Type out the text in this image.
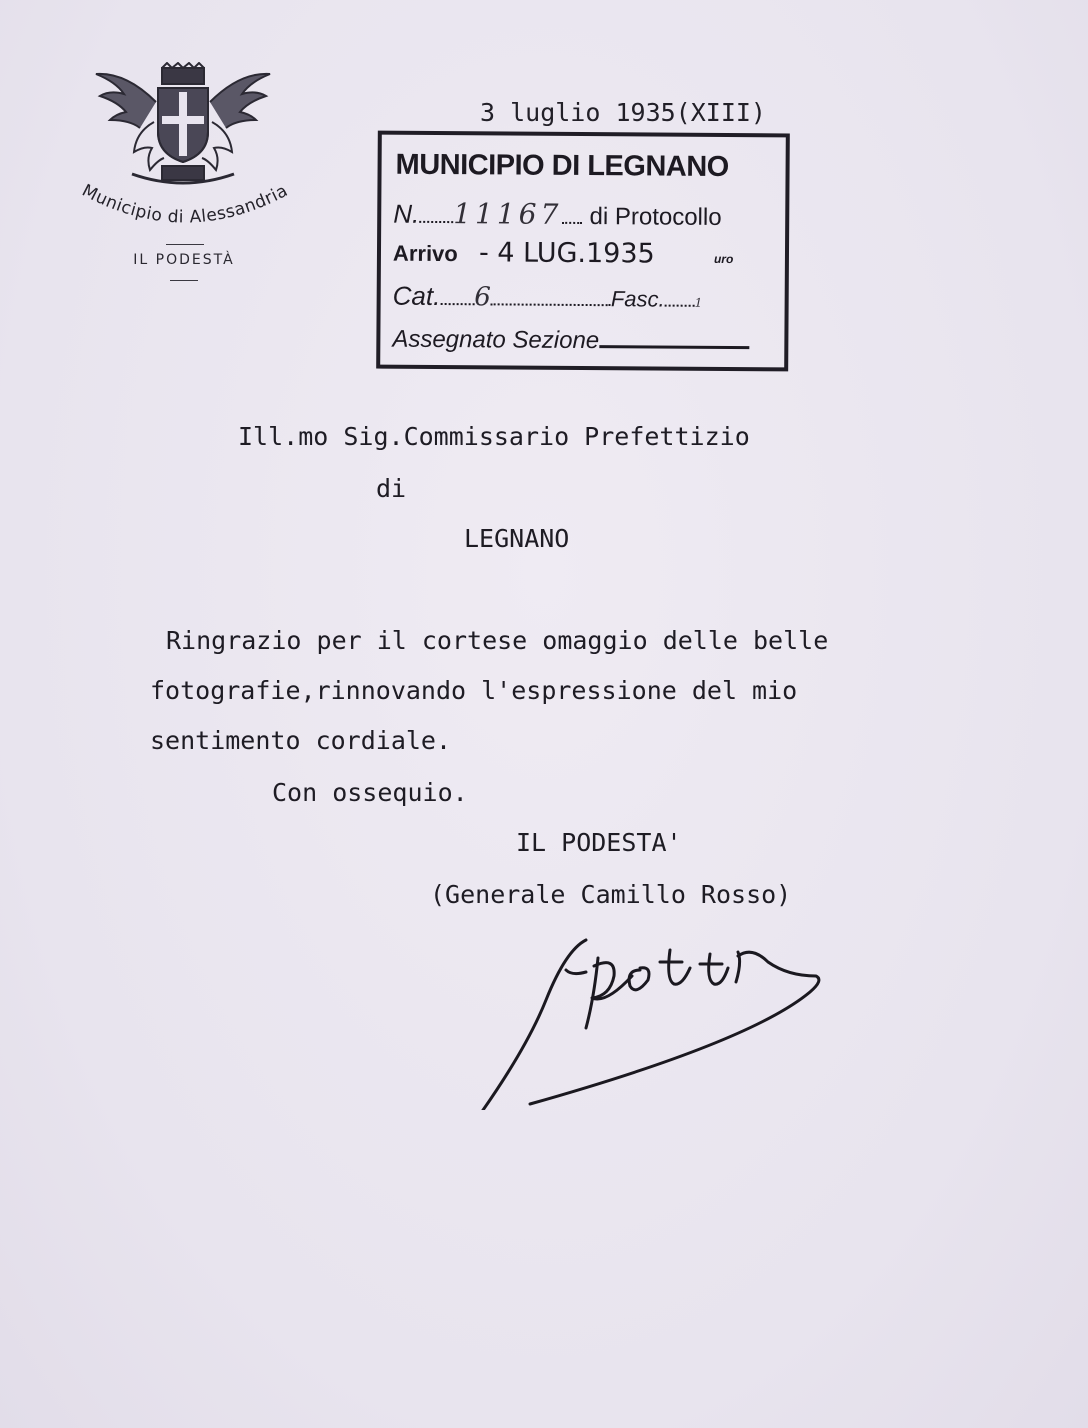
Municipio di Alessandria
IL PODESTÀ
3 luglio 1935(XIII)
MUNICIPIO DI LEGNANO
N. 11167 di Protocollo
Arrivo - 4 LUG.1935	uro
Cat. 6	Fasc. 1
Assegnato Sezione
Ill.mo Sig.Commissario Prefettizio
di
LEGNANO
Ringrazio per il cortese omaggio delle belle
fotografie,rinnovando l'espressione del mio
sentimento cordiale.
Con ossequio.
IL PODESTA'
(Generale Camillo Rosso)
